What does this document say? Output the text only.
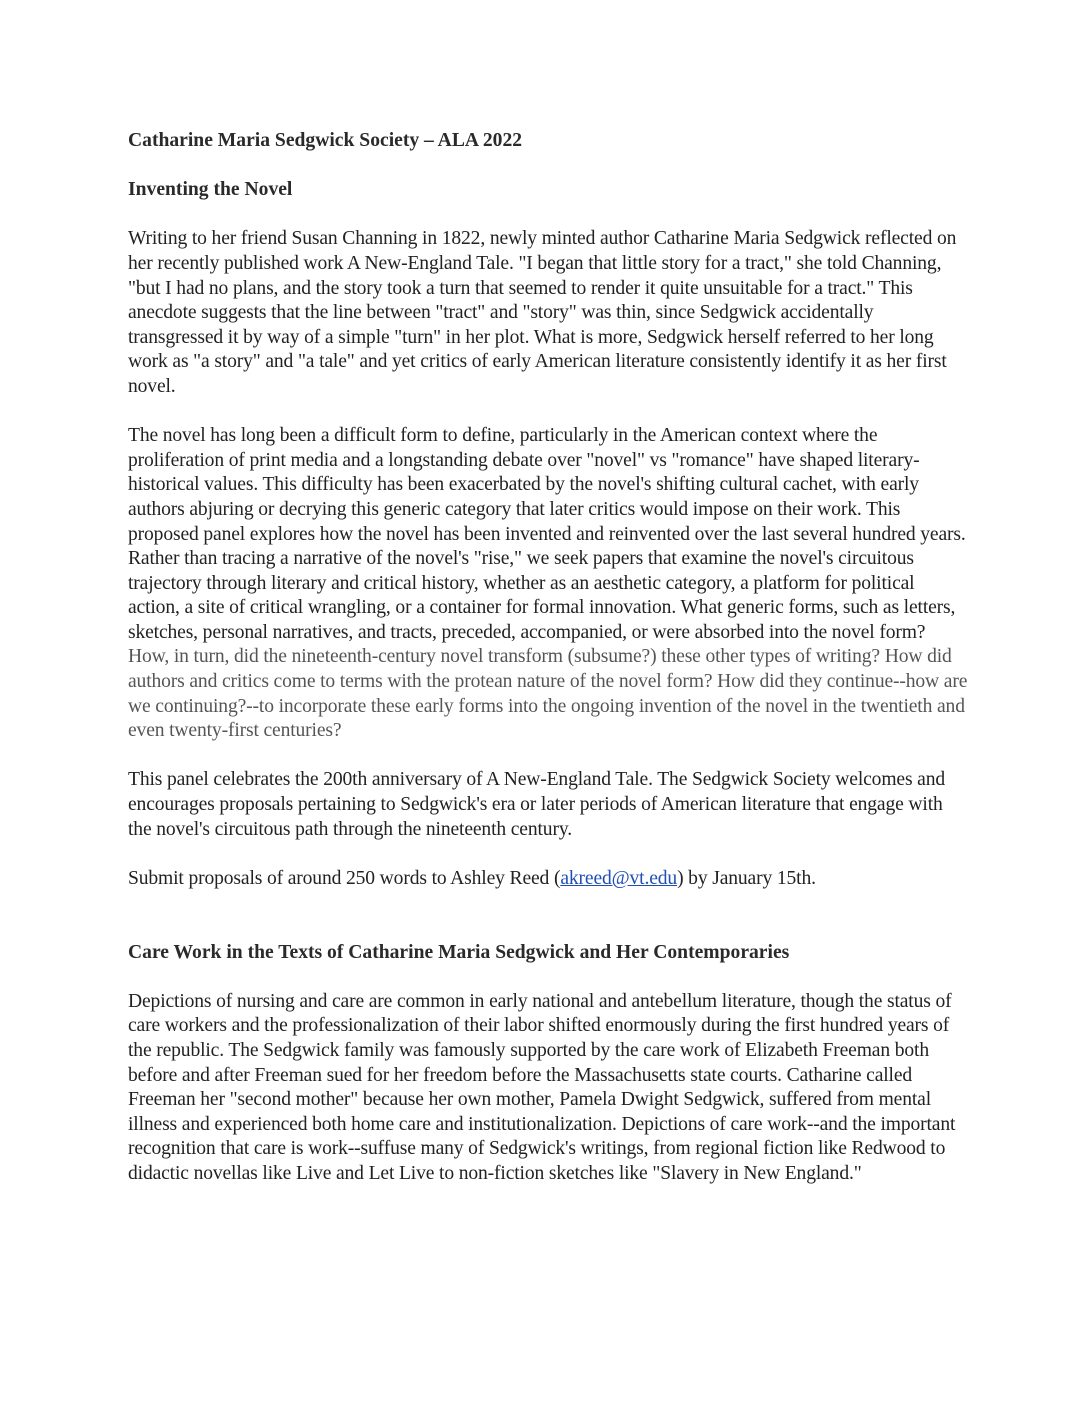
Catharine Maria Sedgwick Society – ALA 2022
Inventing the Novel

Writing to her friend Susan Channing in 1822, newly minted author Catharine Maria Sedgwick reflected on her recently published work A New-England Tale. "I began that little story for a tract," she told Channing, "but I had no plans, and the story took a turn that seemed to render it quite unsuitable for a tract." This anecdote suggests that the line between "tract" and "story" was thin, since Sedgwick accidentally transgressed it by way of a simple "turn" in her plot. What is more, Sedgwick herself referred to her long work as "a story" and "a tale" and yet critics of early American literature consistently identify it as her first novel.

The novel has long been a difficult form to define, particularly in the American context where the proliferation of print media and a longstanding debate over "novel" vs "romance" have shaped literary-historical values. This difficulty has been exacerbated by the novel's shifting cultural cachet, with early authors abjuring or decrying this generic category that later critics would impose on their work. This proposed panel explores how the novel has been invented and reinvented over the last several hundred years. Rather than tracing a narrative of the novel's "rise," we seek papers that examine the novel's circuitous trajectory through literary and critical history, whether as an aesthetic category, a platform for political action, a site of critical wrangling, or a container for formal innovation. What generic forms, such as letters, sketches, personal narratives, and tracts, preceded, accompanied, or were absorbed into the novel form? How, in turn, did the nineteenth-century novel transform (subsume?) these other types of writing? How did authors and critics come to terms with the protean nature of the novel form? How did they continue--how are we continuing?--to incorporate these early forms into the ongoing invention of the novel in the twentieth and even twenty-first centuries?

This panel celebrates the 200th anniversary of A New-England Tale. The Sedgwick Society welcomes and encourages proposals pertaining to Sedgwick's era or later periods of American literature that engage with the novel's circuitous path through the nineteenth century.

Submit proposals of around 250 words to Ashley Reed (akreed@vt.edu) by January 15th.

Care Work in the Texts of Catharine Maria Sedgwick and Her Contemporaries

Depictions of nursing and care are common in early national and antebellum literature, though the status of care workers and the professionalization of their labor shifted enormously during the first hundred years of the republic. The Sedgwick family was famously supported by the care work of Elizabeth Freeman both before and after Freeman sued for her freedom before the Massachusetts state courts. Catharine called Freeman her "second mother" because her own mother, Pamela Dwight Sedgwick, suffered from mental illness and experienced both home care and institutionalization. Depictions of care work--and the important recognition that care is work--suffuse many of Sedgwick's writings, from regional fiction like Redwood to didactic novellas like Live and Let Live to non-fiction sketches like "Slavery in New England."
